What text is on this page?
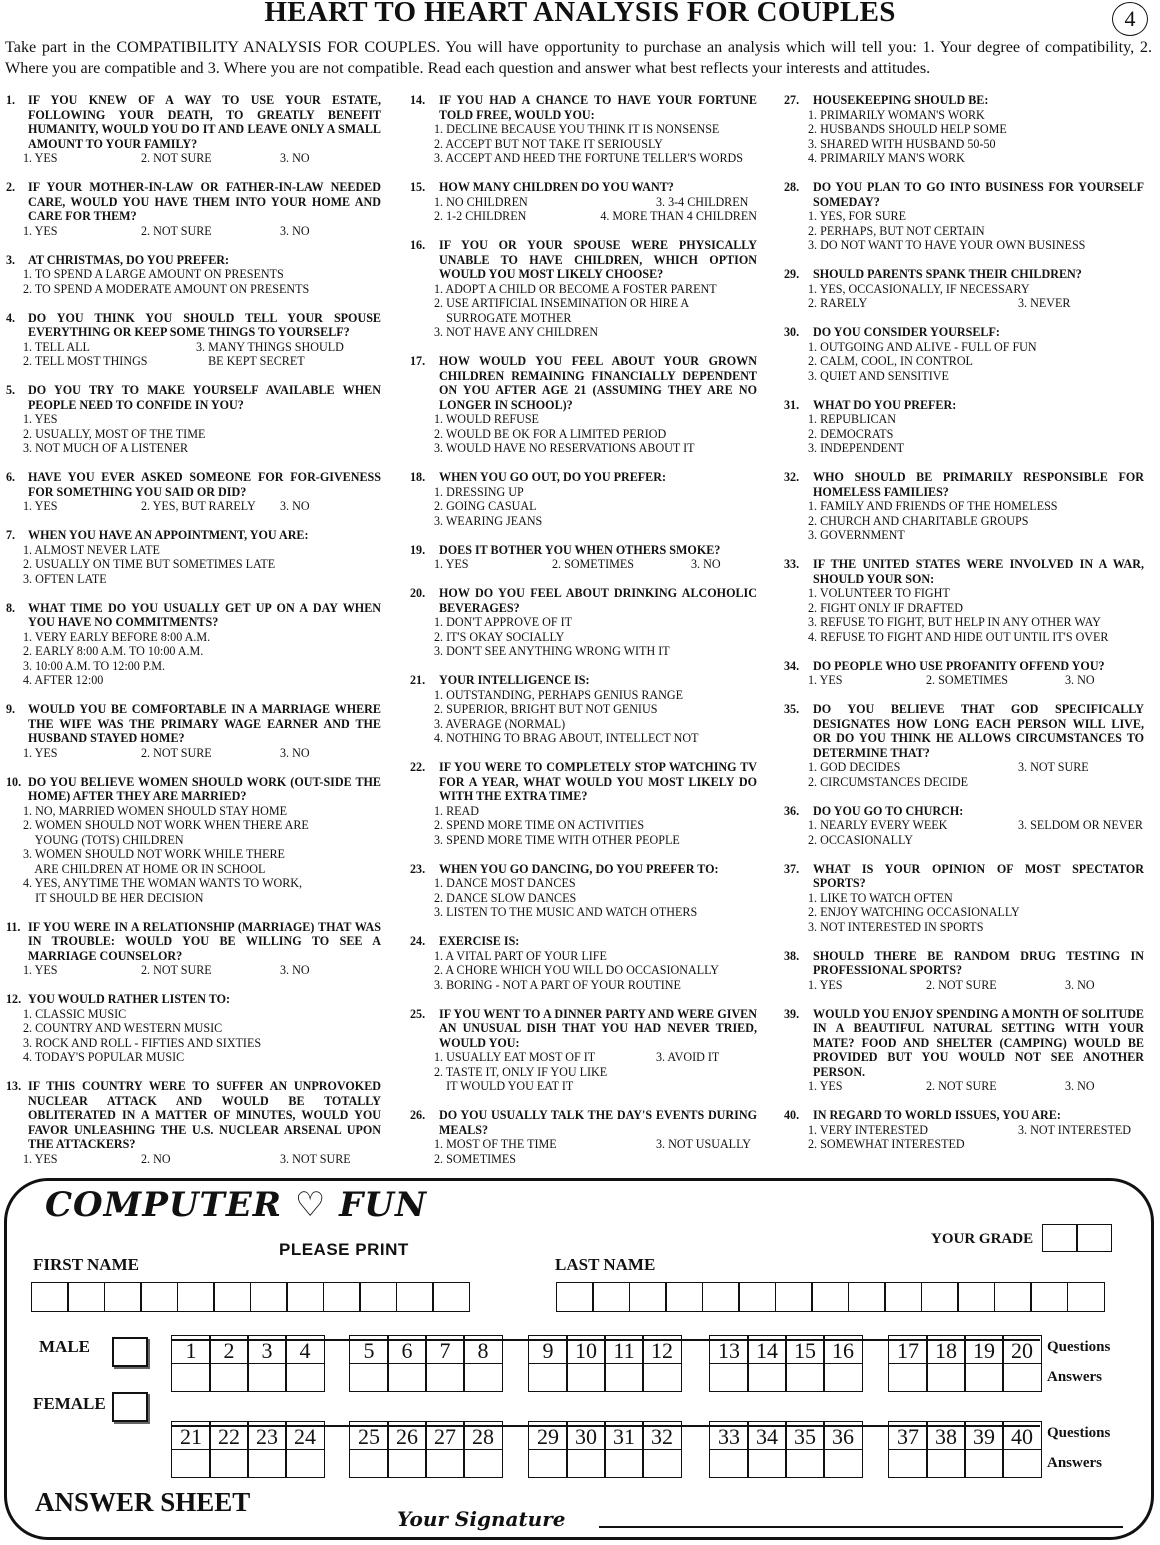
HEART TO HEART ANALYSIS FOR COUPLES	4
Take part in the COMPATIBILITY ANALYSIS FOR COUPLES. You will have opportunity to purchase an analysis which will tell you: 1. Your degree of compatibility, 2. Where you are compatible and 3. Where you are not compatible. Read each question and answer what best reflects your interests and attitudes.
1.	IF YOU KNEW OF A WAY TO USE YOUR ESTATE, FOLLOWING YOUR DEATH, TO GREATLY BENEFIT HUMANITY, WOULD YOU DO IT AND LEAVE ONLY A SMALL AMOUNT TO YOUR FAMILY?
1. YES	2. NOT SURE	3. NO
2.	IF YOUR MOTHER-IN-LAW OR FATHER-IN-LAW NEEDED CARE, WOULD YOU HAVE THEM INTO YOUR HOME AND CARE FOR THEM?
1. YES	2. NOT SURE	3. NO
3.	AT CHRISTMAS, DO YOU PREFER:
1. TO SPEND A LARGE AMOUNT ON PRESENTS
2. TO SPEND A MODERATE AMOUNT ON PRESENTS
4.	DO YOU THINK YOU SHOULD TELL YOUR SPOUSE EVERYTHING OR KEEP SOME THINGS TO YOURSELF?
1. TELL ALL	3. MANY THINGS SHOULD
2. TELL MOST THINGS	BE KEPT SECRET
5.	DO YOU TRY TO MAKE YOURSELF AVAILABLE WHEN PEOPLE NEED TO CONFIDE IN YOU?
1. YES
2. USUALLY, MOST OF THE TIME
3. NOT MUCH OF A LISTENER
6.	HAVE YOU EVER ASKED SOMEONE FOR FOR-GIVENESS FOR SOMETHING YOU SAID OR DID?
1. YES	2. YES, BUT RARELY	3. NO
7.	WHEN YOU HAVE AN APPOINTMENT, YOU ARE:
1. ALMOST NEVER LATE
2. USUALLY ON TIME BUT SOMETIMES LATE
3. OFTEN LATE
8.	WHAT TIME DO YOU USUALLY GET UP ON A DAY WHEN YOU HAVE NO COMMITMENTS?
1. VERY EARLY BEFORE 8:00 A.M.
2. EARLY 8:00 A.M. TO 10:00 A.M.
3. 10:00 A.M. TO 12:00 P.M.
4. AFTER 12:00
9.	WOULD YOU BE COMFORTABLE IN A MARRIAGE WHERE THE WIFE WAS THE PRIMARY WAGE EARNER AND THE HUSBAND STAYED HOME?
1. YES	2. NOT SURE	3. NO
10. DO YOU BELIEVE WOMEN SHOULD WORK (OUT-SIDE THE HOME) AFTER THEY ARE MARRIED?
1. NO, MARRIED WOMEN SHOULD STAY HOME
2. WOMEN SHOULD NOT WORK WHEN THERE ARE
YOUNG (TOTS) CHILDREN
3. WOMEN SHOULD NOT WORK WHILE THERE
ARE CHILDREN AT HOME OR IN SCHOOL
4. YES, ANYTIME THE WOMAN WANTS TO WORK,
IT SHOULD BE HER DECISION
11. IF YOU WERE IN A RELATIONSHIP (MARRIAGE) THAT WAS IN TROUBLE: WOULD YOU BE WILLING TO SEE A MARRIAGE COUNSELOR?
1. YES	2. NOT SURE	3. NO
12. YOU WOULD RATHER LISTEN TO:
1. CLASSIC MUSIC
2. COUNTRY AND WESTERN MUSIC
3. ROCK AND ROLL - FIFTIES AND SIXTIES
4. TODAY'S POPULAR MUSIC
13. IF THIS COUNTRY WERE TO SUFFER AN UNPROVOKED NUCLEAR ATTACK AND WOULD BE TOTALLY OBLITERATED IN A MATTER OF MINUTES, WOULD YOU FAVOR UNLEASHING THE U.S. NUCLEAR ARSENAL UPON THE ATTACKERS?
1. YES	2. NO	3. NOT SURE
14.	IF YOU HAD A CHANCE TO HAVE YOUR FORTUNE TOLD FREE, WOULD YOU:
1. DECLINE BECAUSE YOU THINK IT IS NONSENSE
2. ACCEPT BUT NOT TAKE IT SERIOUSLY
3. ACCEPT AND HEED THE FORTUNE TELLER'S WORDS
15.	HOW MANY CHILDREN DO YOU WANT?
1. NO CHILDREN	3. 3-4 CHILDREN
2. 1-2 CHILDREN	4. MORE THAN 4 CHILDREN
16.	IF YOU OR YOUR SPOUSE WERE PHYSICALLY UNABLE TO HAVE CHILDREN, WHICH OPTION WOULD YOU MOST LIKELY CHOOSE?
1. ADOPT A CHILD OR BECOME A FOSTER PARENT
2. USE ARTIFICIAL INSEMINATION OR HIRE A
SURROGATE MOTHER
3. NOT HAVE ANY CHILDREN
17.	HOW WOULD YOU FEEL ABOUT YOUR GROWN CHILDREN REMAINING FINANCIALLY DEPENDENT ON YOU AFTER AGE 21 (ASSUMING THEY ARE NO LONGER IN SCHOOL)?
1. WOULD REFUSE
2. WOULD BE OK FOR A LIMITED PERIOD
3. WOULD HAVE NO RESERVATIONS ABOUT IT
18.	WHEN YOU GO OUT, DO YOU PREFER:
1. DRESSING UP
2. GOING CASUAL
3. WEARING JEANS
19.	DOES IT BOTHER YOU WHEN OTHERS SMOKE?
1. YES	2. SOMETIMES	3. NO
20.	HOW DO YOU FEEL ABOUT DRINKING ALCOHOLIC BEVERAGES?
1. DON'T APPROVE OF IT
2. IT'S OKAY SOCIALLY
3. DON'T SEE ANYTHING WRONG WITH IT
21.	YOUR INTELLIGENCE IS:
1. OUTSTANDING, PERHAPS GENIUS RANGE
2. SUPERIOR, BRIGHT BUT NOT GENIUS
3. AVERAGE (NORMAL)
4. NOTHING TO BRAG ABOUT, INTELLECT NOT
22.	IF YOU WERE TO COMPLETELY STOP WATCHING TV FOR A YEAR, WHAT WOULD YOU MOST LIKELY DO WITH THE EXTRA TIME?
1. READ
2. SPEND MORE TIME ON ACTIVITIES
3. SPEND MORE TIME WITH OTHER PEOPLE
23.	WHEN YOU GO DANCING, DO YOU PREFER TO:
1. DANCE MOST DANCES
2. DANCE SLOW DANCES
3. LISTEN TO THE MUSIC AND WATCH OTHERS
24.	EXERCISE IS:
1. A VITAL PART OF YOUR LIFE
2. A CHORE WHICH YOU WILL DO OCCASIONALLY
3. BORING - NOT A PART OF YOUR ROUTINE
25.	IF YOU WENT TO A DINNER PARTY AND WERE GIVEN AN UNUSUAL DISH THAT YOU HAD NEVER TRIED, WOULD YOU:
1. USUALLY EAT MOST OF IT	3. AVOID IT
2. TASTE IT, ONLY IF YOU LIKE
IT WOULD YOU EAT IT
26.	DO YOU USUALLY TALK THE DAY'S EVENTS DURING MEALS?
1. MOST OF THE TIME	3. NOT USUALLY
2. SOMETIMES
27.	HOUSEKEEPING SHOULD BE:
1. PRIMARILY WOMAN'S WORK
2. HUSBANDS SHOULD HELP SOME
3. SHARED WITH HUSBAND 50-50
4. PRIMARILY MAN'S WORK
28.	DO YOU PLAN TO GO INTO BUSINESS FOR YOURSELF SOMEDAY?
1. YES, FOR SURE
2. PERHAPS, BUT NOT CERTAIN
3. DO NOT WANT TO HAVE YOUR OWN BUSINESS
29.	SHOULD PARENTS SPANK THEIR CHILDREN?
1. YES, OCCASIONALLY, IF NECESSARY
2. RARELY	3. NEVER
30.	DO YOU CONSIDER YOURSELF:
1. OUTGOING AND ALIVE - FULL OF FUN
2. CALM, COOL, IN CONTROL
3. QUIET AND SENSITIVE
31.	WHAT DO YOU PREFER:
1. REPUBLICAN
2. DEMOCRATS
3. INDEPENDENT
32.	WHO SHOULD BE PRIMARILY RESPONSIBLE FOR HOMELESS FAMILIES?
1. FAMILY AND FRIENDS OF THE HOMELESS
2. CHURCH AND CHARITABLE GROUPS
3. GOVERNMENT
33.	IF THE UNITED STATES WERE INVOLVED IN A WAR, SHOULD YOUR SON:
1. VOLUNTEER TO FIGHT
2. FIGHT ONLY IF DRAFTED
3. REFUSE TO FIGHT, BUT HELP IN ANY OTHER WAY
4. REFUSE TO FIGHT AND HIDE OUT UNTIL IT'S OVER
34.	DO PEOPLE WHO USE PROFANITY OFFEND YOU?
1. YES	2. SOMETIMES	3. NO
35.	DO YOU BELIEVE THAT GOD SPECIFICALLY DESIGNATES HOW LONG EACH PERSON WILL LIVE, OR DO YOU THINK HE ALLOWS CIRCUMSTANCES TO DETERMINE THAT?
1. GOD DECIDES	3. NOT SURE
2. CIRCUMSTANCES DECIDE
36.	DO YOU GO TO CHURCH:
1. NEARLY EVERY WEEK	3. SELDOM OR NEVER
2. OCCASIONALLY
37.	WHAT IS YOUR OPINION OF MOST SPECTATOR SPORTS?
1. LIKE TO WATCH OFTEN
2. ENJOY WATCHING OCCASIONALLY
3. NOT INTERESTED IN SPORTS
38.	SHOULD THERE BE RANDOM DRUG TESTING IN PROFESSIONAL SPORTS?
1. YES	2. NOT SURE	3. NO
39.	WOULD YOU ENJOY SPENDING A MONTH OF SOLITUDE IN A BEAUTIFUL NATURAL SETTING WITH YOUR MATE? FOOD AND SHELTER (CAMPING) WOULD BE PROVIDED BUT YOU WOULD NOT SEE ANOTHER PERSON.
1. YES	2. NOT SURE	3. NO
40.	IN REGARD TO WORLD ISSUES, YOU ARE:
1. VERY INTERESTED	3. NOT INTERESTED
2. SOMEWHAT INTERESTED
COMPUTER ♡ FUN
PLEASE PRINT
YOUR GRADE
FIRST NAME	LAST NAME
MALE
FEMALE
1	2	3	4	5	6	7	8	9 10 11 12	13 14 15 16	17 18 19 20 Questions
Answers
21 22 23 24	25 26 27 28	29 30 31 32	33 34 35 36	37 38 39 40 Questions
Answers
ANSWER SHEET
Your Signature
